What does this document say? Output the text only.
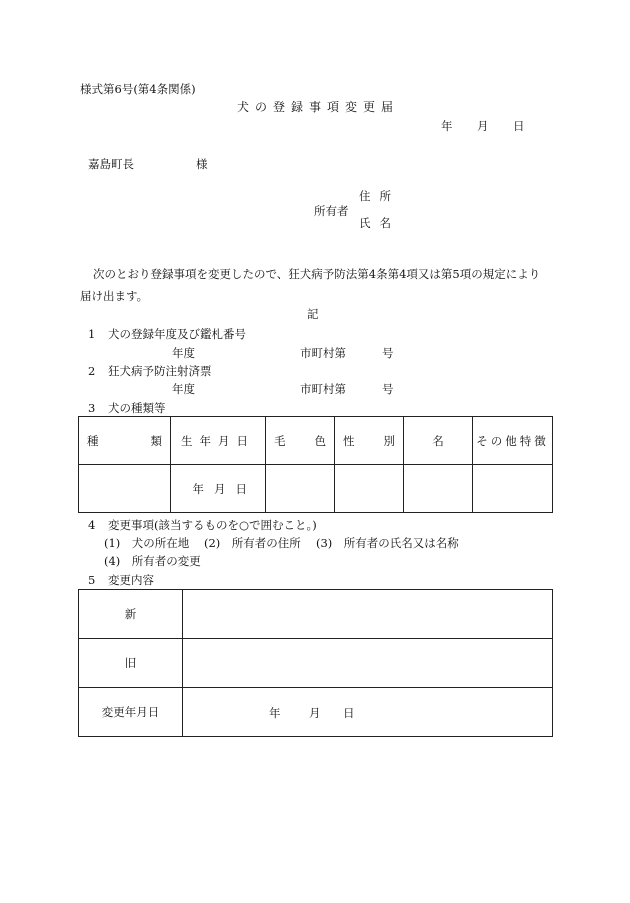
様式第6号(第4条関係)
犬の登録事項変更届
年 月 日
嘉島町長	様
所有者
住所
氏名
次のとおり登録事項を変更したので、狂犬病予防法第4条第4項又は第5項の規定により
届け出ます。
記
1 犬の登録年度及び鑑札番号
年度	市町村第	号
2 狂犬病予防注射済票
年度	市町村第	号
3 犬の種類等
種 類	生年月日	毛 色	性 別	名	その他特徴
	年月日				
4 変更事項(該当するものを○で囲むこと。)
(1)　犬の所在地 (2)　所有者の住所 (3)　所有者の氏名又は名称
(4)　所有者の変更
5 変更内容
新	
旧	
変更年月日	年 月 日
